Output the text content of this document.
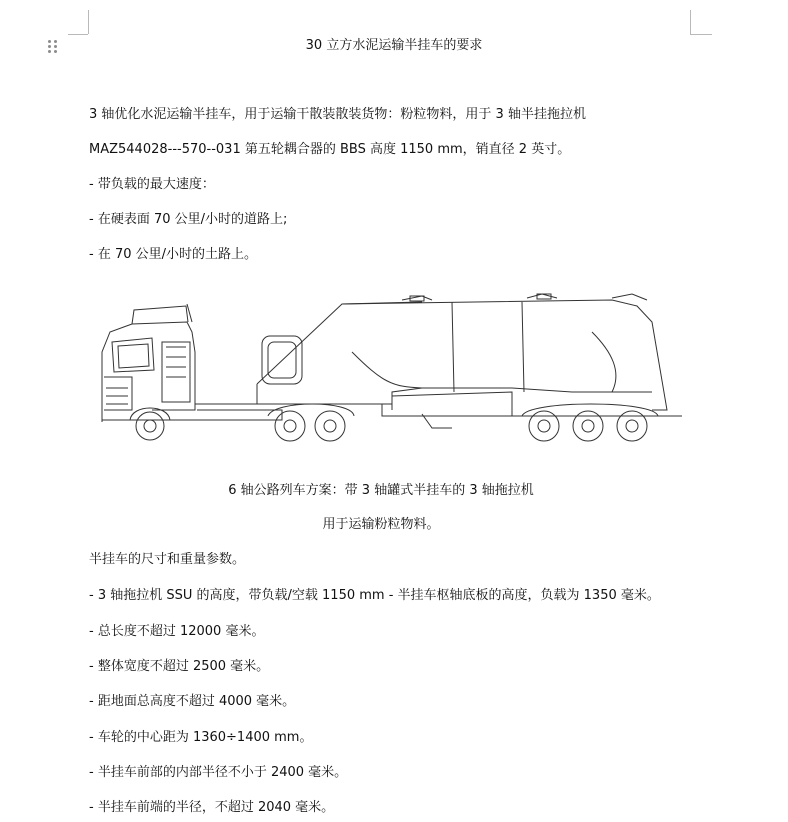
30 立方水泥运输半挂车的要求
3 轴优化水泥运输半挂车，用于运输干散装散装货物：粉粒物料，用于 3 轴半挂拖拉机
MAZ544028---570--031 第五轮耦合器的 BBS 高度 1150 mm，销直径 2 英寸。
- 带负载的最大速度：
- 在硬表面 70 公里/小时的道路上;
- 在 70 公里/小时的土路上。
6 轴公路列车方案：带 3 轴罐式半挂车的 3 轴拖拉机
用于运输粉粒物料。
半挂车的尺寸和重量参数。
- 3 轴拖拉机 SSU 的高度，带负载/空载 1150 mm - 半挂车枢轴底板的高度，负载为 1350 毫米。
- 总长度不超过 12000 毫米。
- 整体宽度不超过 2500 毫米。
- 距地面总高度不超过 4000 毫米。
- 车轮的中心距为 1360÷1400 mm。
- 半挂车前部的内部半径不小于 2400 毫米。
- 半挂车前端的半径，不超过 2040 毫米。
